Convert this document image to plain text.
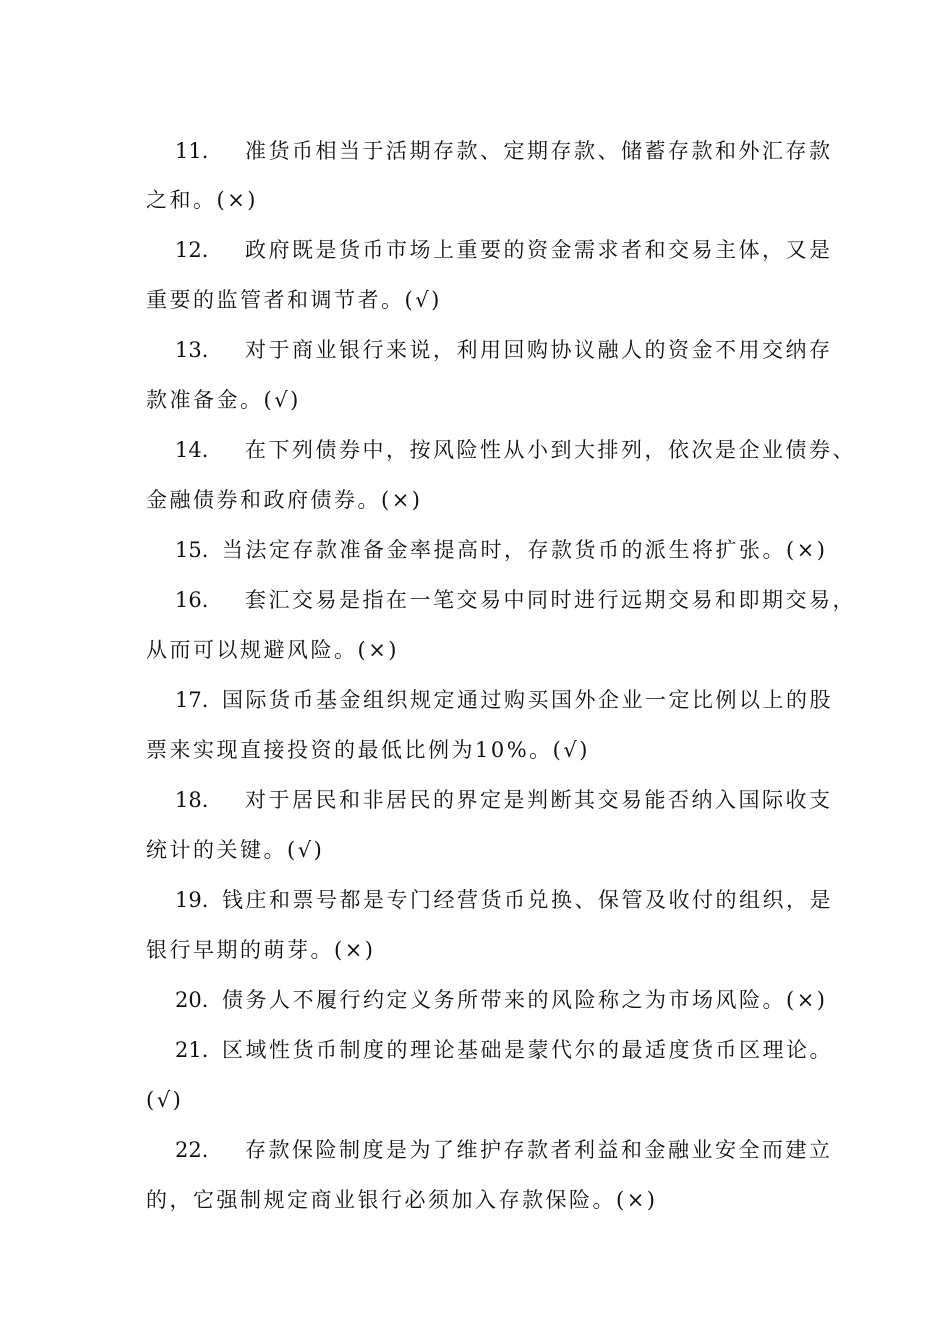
11. 准货币相当于活期存款、定期存款、储蓄存款和外汇存款
之和。(×)
12. 政府既是货币市场上重要的资金需求者和交易主体，又是
重要的监管者和调节者。(√)
13. 对于商业银行来说，利用回购协议融人的资金不用交纳存
款准备金。(√)
14. 在下列债券中，按风险性从小到大排列，依次是企业债券、
金融债券和政府债券。(×)
15. 当法定存款准备金率提高时，存款货币的派生将扩张。(×)
16. 套汇交易是指在一笔交易中同时进行远期交易和即期交易，
从而可以规避风险。(×)
17. 国际货币基金组织规定通过购买国外企业一定比例以上的股
票来实现直接投资的最低比例为10%。(√)
18. 对于居民和非居民的界定是判断其交易能否纳入国际收支
统计的关键。(√)
19. 钱庄和票号都是专门经营货币兑换、保管及收付的组织，是
银行早期的萌芽。(×)
20. 债务人不履行约定义务所带来的风险称之为市场风险。(×)
21. 区域性货币制度的理论基础是蒙代尔的最适度货币区理论。
(√)
22. 存款保险制度是为了维护存款者利益和金融业安全而建立
的，它强制规定商业银行必须加入存款保险。(×)
